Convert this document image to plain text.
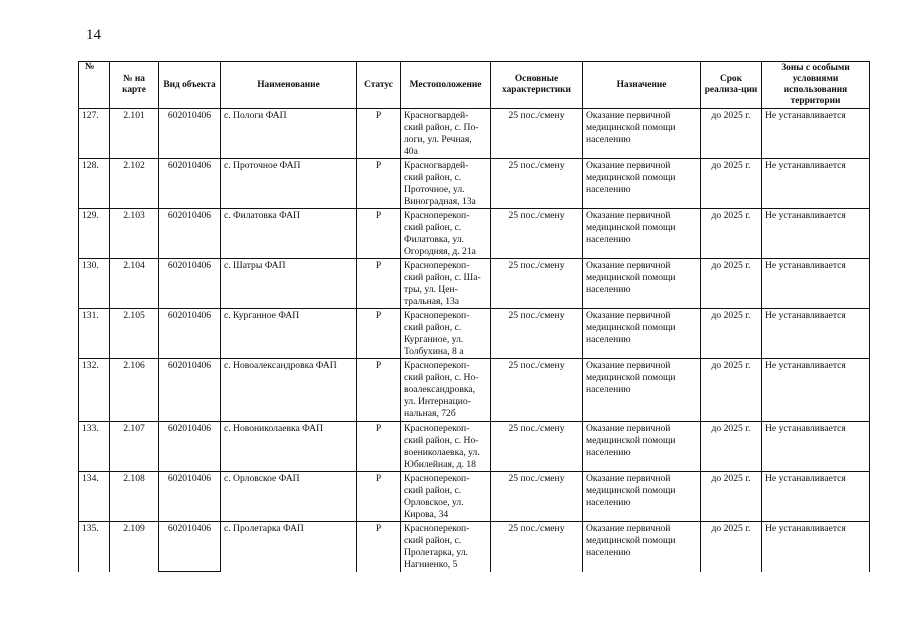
14
№	№ на карте	Вид объекта	Наименование	Статус	Местоположение	Основные характеристики	Назначение	Срок реализа-ции	Зоны с особыми условиями использования территории
127.	2.101	602010406	с. Пологи ФАП	Р	Красногвардей-ский район, с. По-логи, ул. Речная, 40а	25 пос./смену	Оказание первичной медицинской помощи населению	до 2025 г.	Не устанавливается
128.	2.102	602010406	с. Проточное ФАП	Р	Красногвардей-ский район, с. Проточное, ул. Виноградная, 13а	25 пос./смену	Оказание первичной медицинской помощи населению	до 2025 г.	Не устанавливается
129.	2.103	602010406	с. Филатовка ФАП	Р	Красноперекоп-ский район, с. Филатовка, ул. Огородняя, д. 21а	25 пос./смену	Оказание первичной медицинской помощи населению	до 2025 г.	Не устанавливается
130.	2.104	602010406	с. Шатры ФАП	Р	Красноперекоп-ский район, с. Ша-тры, ул. Цен-тральная, 13а	25 пос./смену	Оказание первичной медицинской помощи населению	до 2025 г.	Не устанавливается
131.	2.105	602010406	с. Курганное ФАП	Р	Красноперекоп-ский район, с. Курганное, ул. Толбухина, 8 а	25 пос./смену	Оказание первичной медицинской помощи населению	до 2025 г.	Не устанавливается
132.	2.106	602010406	с. Новоалександровка ФАП	Р	Красноперекоп-ский район, с. Но-воалександровка, ул. Интернацио-нальная, 72б	25 пос./смену	Оказание первичной медицинской помощи населению	до 2025 г.	Не устанавливается
133.	2.107	602010406	с. Новониколаевка ФАП	Р	Красноперекоп-ский район, с. Но-воениколаевка, ул. Юбилейная, д. 18	25 пос./смену	Оказание первичной медицинской помощи населению	до 2025 г.	Не устанавливается
134.	2.108	602010406	с. Орловское ФАП	Р	Красноперекоп-ский район, с. Орловское, ул. Кирова, 34	25 пос./смену	Оказание первичной медицинской помощи населению	до 2025 г.	Не устанавливается
135.	2.109	602010406	с. Пролетарка ФАП	Р	Красноперекоп-ский район, с. Пролетарка, ул. Нагниенко, 5	25 пос./смену	Оказание первичной медицинской помощи населению	до 2025 г.	Не устанавливается
